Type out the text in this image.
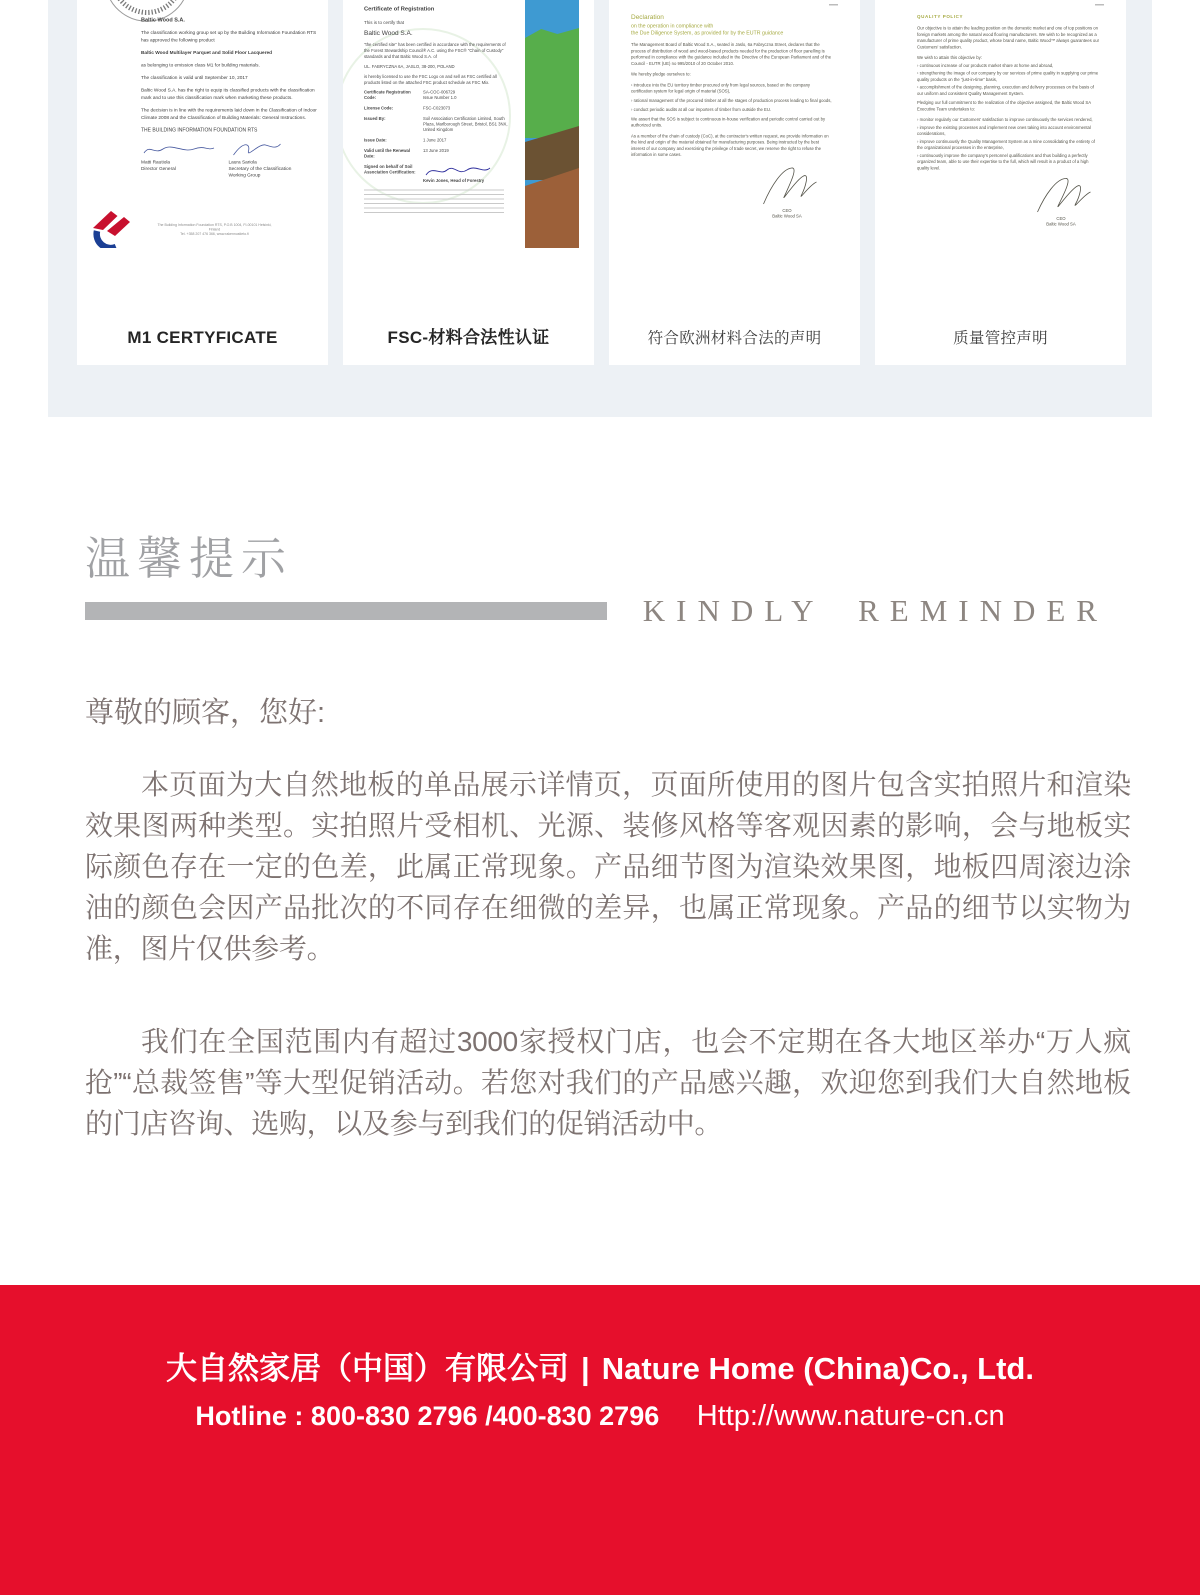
Baltic Wood S.A.

The classification working group set up by the Building Information Foundation RTS has approved the following product

Baltic Wood Multilayer Parquet and Solid Floor Lacquered

as belonging to emission class M1 for building materials.

The classification is valid until September 10, 2017

Baltic Wood S.A. has the right to equip its classified products with the classification mark and to use this classification mark when marketing these products.

The decision is in line with the requirements laid down in the Classification of Indoor Climate 2008 and the Classification of Building Materials: General Instructions.

THE BUILDING INFORMATION FOUNDATION RTS
Matti Rautiola
Director General
Laura Sariola
Secretary of the Classification Working Group
The Building Information Foundation RTS, P.O.B 1004, FI-00101 Helsinki, Finland
Tel. +358 207 476 366, www.rakennustieto.fi
M1 CERTYFICATE
Certificate of Registration
This is to certify that
Baltic Wood S.A.

"the certified site" has been certified in accordance with the requirements of the Forest Stewardship Council® A.C. using the FSC® "Chain of Custody" standards and that Baltic Wood S.A. of

UL. FABRYCZNA 6A, JASLO, 38-200, POLAND

is hereby licensed to use the FSC Logo on and sell as FSC certified all products listed on the attached FSC product schedule as FSC Mix.

Certificate Registration Code:
SA-COC-006729
Issue Number 1.0
License Code:	FSC-C023073
Issued By:	Soil Association Certification Limited, South Plaza, Marlborough Street, Bristol, BS1 3NX, United Kingdom
Issue Date:	1 June 2017
Valid until the Renewal Date:
13 June 2019
Signed on behalf of Soil Association Certification:
Kevin Jones, Head of Forestry
FSC-材料合法性认证
Declaration
on the operation in compliance with
the Due Diligence System, as provided for by the EUTR guidance

The Management Board of Baltic Wood S.A., seated in Jaslo, 6a Fabryczna Street, declares that the process of distribution of wood and wood-based products needed for the production of floor panelling is performed in compliance with the guidance included in the Directive of the European Parliament and of the Council - EUTR (UE) no 995/2010 of 20 October 2010.

We hereby pledge ourselves to:

› introduce into the EU territory timber procured only from legal sources, based on the company certification system for legal origin of material (SOS),

› rational management of the procured timber at all the stages of production process leading to final goods,

› conduct periodic audits at all our importers of timber from outside the EU.

We assert that the SOS is subject to continuous in-house verification and periodic control carried out by authorized units.

As a member of the chain of custody (CoC), at the contractor's written request, we provide information on the kind and origin of the material obtained for manufacturing purposes. Being instructed by the best interest of our company and exercising the privilege of trade secret, we reserve the right to refuse the information in some cases.

CEO
Baltic Wood SA
符合欧洲材料合法的声明
QUALITY POLICY

Our objective is to attain the leading position on the domestic market and one of top positions on foreign markets among the natural wood flooring manufacturers. We wish to be recognized as a manufacturer of prime quality product, whose brand name, Baltic Wood™ always guarantees our Customers' satisfaction.

We wish to attain this objective by:

› continuous increase of our products market share at home and abroad,

› strengthening the image of our company by our services of prime quality in supplying our prime quality products on the "just-in-time" basis,

› accomplishment of the designing, planning, execution and delivery processes on the basis of our uniform and consistent Quality Management System.

Pledging our full commitment to the realization of the objective assigned, the Baltic Wood SA Executive Team undertakes to:

› monitor regularly our Customers' satisfaction to improve continuously the services rendered,

› improve the existing processes and implement new ones taking into account environmental considerations,

› improve continuously the Quality Management System as a mine consolidating the entirety of the organizational processes in the enterprise,

› continuously improve the company's personnel qualifications and thus building a perfectly organized team, able to use their expertise to the full, which will result in a product of a high quality level.

CEO
Baltic Wood SA
质量管控声明
温馨提示
KINDLY REMINDER
尊敬的顾客，您好:

本页面为大自然地板的单品展示详情页，页面所使用的图片包含实拍照片和渲染效果图两种类型。实拍照片受相机、光源、装修风格等客观因素的影响，会与地板实际颜色存在一定的色差，此属正常现象。产品细节图为渲染效果图，地板四周滚边涂油的颜色会因产品批次的不同存在细微的差异，也属正常现象。产品的细节以实物为准，图片仅供参考。

我们在全国范围内有超过3000家授权门店，也会不定期在各大地区举办“万人疯抢”“总裁签售”等大型促销活动。若您对我们的产品感兴趣，欢迎您到我们大自然地板的门店咨询、选购，以及参与到我们的促销活动中。

大自然家居（中国）有限公司 | Nature Home (China)Co., Ltd.
Hotline : 800-830 2796 /400-830 2796 Http://www.nature-cn.cn
